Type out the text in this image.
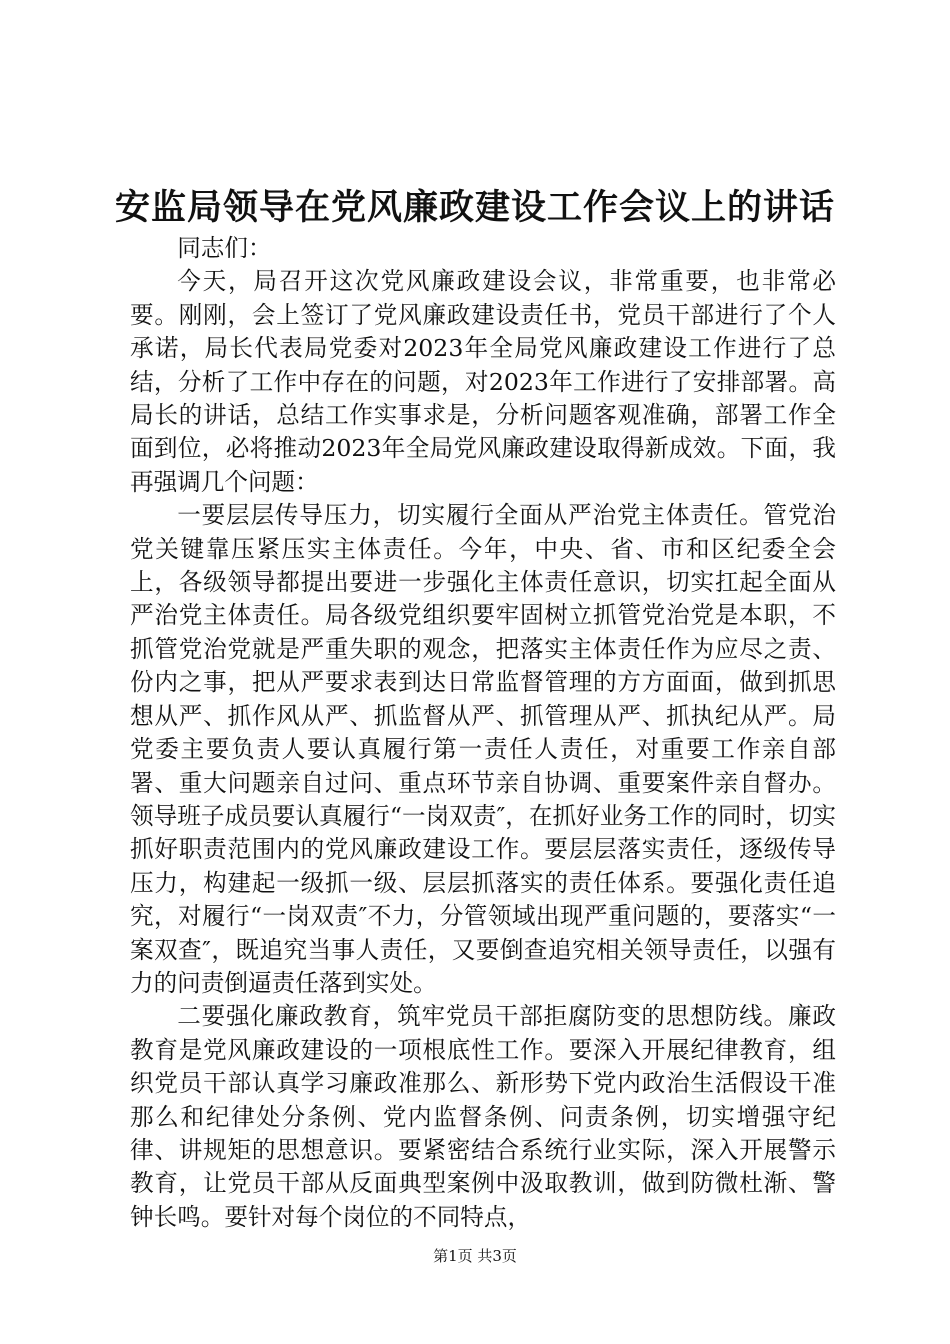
安监局领导在党风廉政建设工作会议上的讲话

同志们：

今天，局召开这次党风廉政建设会议，非常重要，也非常必要。刚刚，会上签订了党风廉政建设责任书，党员干部进行了个人承诺，局长代表局党委对2023年全局党风廉政建设工作进行了总结，分析了工作中存在的问题，对2023年工作进行了安排部署。高局长的讲话，总结工作实事求是，分析问题客观准确，部署工作全面到位，必将推动2023年全局党风廉政建设取得新成效。下面，我再强调几个问题：

一要层层传导压力，切实履行全面从严治党主体责任。管党治党关键靠压紧压实主体责任。今年，中央、省、市和区纪委全会上，各级领导都提出要进一步强化主体责任意识，切实扛起全面从严治党主体责任。局各级党组织要牢固树立抓管党治党是本职，不抓管党治党就是严重失职的观念，把落实主体责任作为应尽之责、份内之事，把从严要求表到达日常监督管理的方方面面，做到抓思想从严、抓作风从严、抓监督从严、抓管理从严、抓执纪从严。局党委主要负责人要认真履行第一责任人责任，对重要工作亲自部署、重大问题亲自过问、重点环节亲自协调、重要案件亲自督办。领导班子成员要认真履行“一岗双责″，在抓好业务工作的同时，切实抓好职责范围内的党风廉政建设工作。要层层落实责任，逐级传导压力，构建起一级抓一级、层层抓落实的责任体系。要强化责任追究，对履行“一岗双责″不力，分管领域出现严重问题的，要落实“一案双查″，既追究当事人责任，又要倒查追究相关领导责任，以强有力的问责倒逼责任落到实处。

二要强化廉政教育，筑牢党员干部拒腐防变的思想防线。廉政教育是党风廉政建设的一项根底性工作。要深入开展纪律教育，组织党员干部认真学习廉政准那么、新形势下党内政治生活假设干准那么和纪律处分条例、党内监督条例、问责条例，切实增强守纪律、讲规矩的思想意识。要紧密结合系统行业实际，深入开展警示教育，让党员干部从反面典型案例中汲取教训，做到防微杜渐、警钟长鸣。要针对每个岗位的不同特点，

第1页 共3页
